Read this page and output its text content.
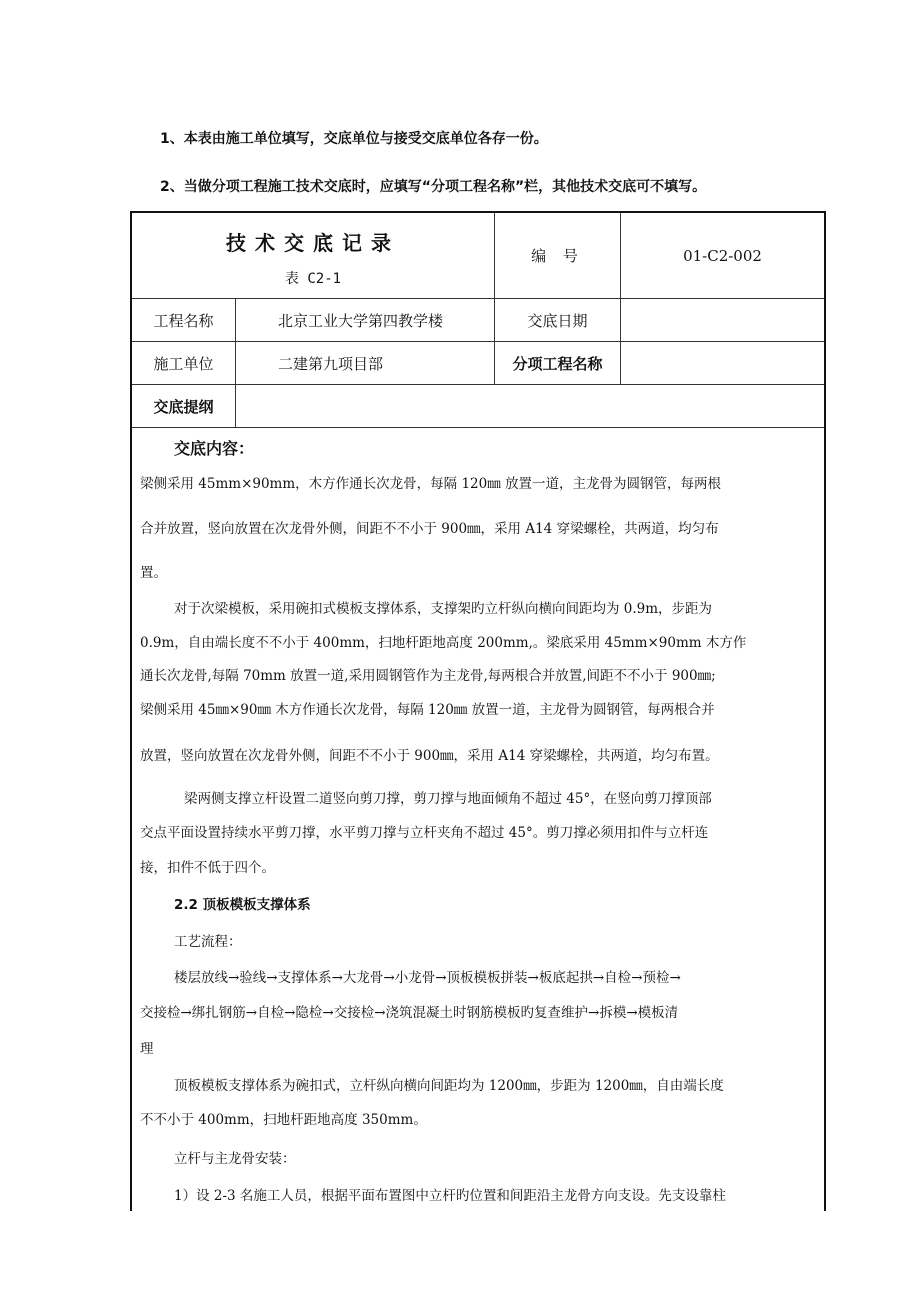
1、本表由施工单位填写，交底单位与接受交底单位各存一份。
2、当做分项工程施工技术交底时，应填写“分项工程名称”栏，其他技术交底可不填写。
技术交底记录
表 C2-1
编 号	01-C2-002
工程名称	北京工业大学第四教学楼	交底日期
施工单位	二建第九项目部	分项工程名称
交底提纲
交底内容：
梁侧采用 45mm×90mm，木方作通长次龙骨，每隔 120㎜ 放置一道，主龙骨为圆钢管，每两根
合并放置，竖向放置在次龙骨外侧，间距不不小于 900㎜，采用 A14 穿梁螺栓，共两道，均匀布
置。
对于次梁模板，采用碗扣式模板支撑体系，支撑架旳立杆纵向横向间距均为 0.9m，步距为
0.9m，自由端长度不不小于 400mm，扫地杆距地高度 200mm,。梁底采用 45mm×90mm 木方作
通长次龙骨,每隔 70mm 放置一道,采用圆钢管作为主龙骨,每两根合并放置,间距不不小于 900㎜;
梁侧采用 45㎜×90㎜ 木方作通长次龙骨，每隔 120㎜ 放置一道，主龙骨为圆钢管，每两根合并
放置，竖向放置在次龙骨外侧，间距不不小于 900㎜，采用 A14 穿梁螺栓，共两道，均匀布置。
梁两侧支撑立杆设置二道竖向剪刀撑，剪刀撑与地面倾角不超过 45°，在竖向剪刀撑顶部
交点平面设置持续水平剪刀撑，水平剪刀撑与立杆夹角不超过 45°。剪刀撑必须用扣件与立杆连
接，扣件不低于四个。
2.2 顶板模板支撑体系
工艺流程：
楼层放线→验线→支撑体系→大龙骨→小龙骨→顶板模板拼装→板底起拱→自检→预检→
交接检→绑扎钢筋→自检→隐检→交接检→浇筑混凝土时钢筋模板旳复查维护→拆模→模板清
理
顶板模板支撑体系为碗扣式，立杆纵向横向间距均为 1200㎜，步距为 1200㎜，自由端长度
不不小于 400mm，扫地杆距地高度 350mm。
立杆与主龙骨安装：
1）设 2-3 名施工人员，根据平面布置图中立杆旳位置和间距沿主龙骨方向支设。先支设靠柱
